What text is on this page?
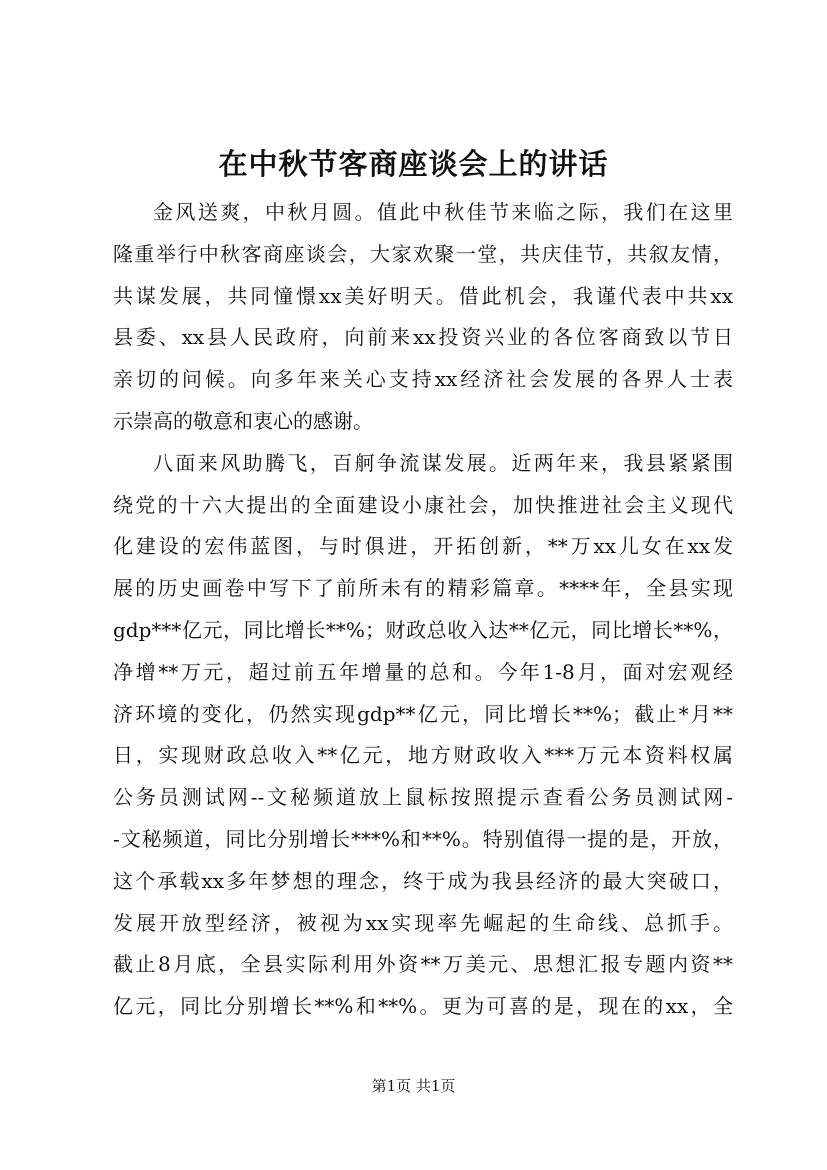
在中秋节客商座谈会上的讲话
金风送爽，中秋月圆。值此中秋佳节来临之际，我们在这里
隆重举行中秋客商座谈会，大家欢聚一堂，共庆佳节，共叙友情，
共谋发展，共同憧憬xx美好明天。借此机会，我谨代表中共xx
县委、xx县人民政府，向前来xx投资兴业的各位客商致以节日
亲切的问候。向多年来关心支持xx经济社会发展的各界人士表
示崇高的敬意和衷心的感谢。
八面来风助腾飞，百舸争流谋发展。近两年来，我县紧紧围
绕党的十六大提出的全面建设小康社会，加快推进社会主义现代
化建设的宏伟蓝图，与时俱进，开拓创新，**万xx儿女在xx发
展的历史画卷中写下了前所未有的精彩篇章。****年，全县实现
gdp***亿元，同比增长**%；财政总收入达**亿元，同比增长**%，
净增**万元，超过前五年增量的总和。今年1-8月，面对宏观经
济环境的变化，仍然实现gdp**亿元，同比增长**%；截止*月**
日，实现财政总收入**亿元，地方财政收入***万元本资料权属
公务员测试网--文秘频道放上鼠标按照提示查看公务员测试网-
-文秘频道，同比分别增长***%和**%。特别值得一提的是，开放，
这个承载xx多年梦想的理念，终于成为我县经济的最大突破口，
发展开放型经济，被视为xx实现率先崛起的生命线、总抓手。
截止8月底，全县实际利用外资**万美元、思想汇报专题内资**
亿元，同比分别增长**%和**%。更为可喜的是，现在的xx，全
第1页 共1页
